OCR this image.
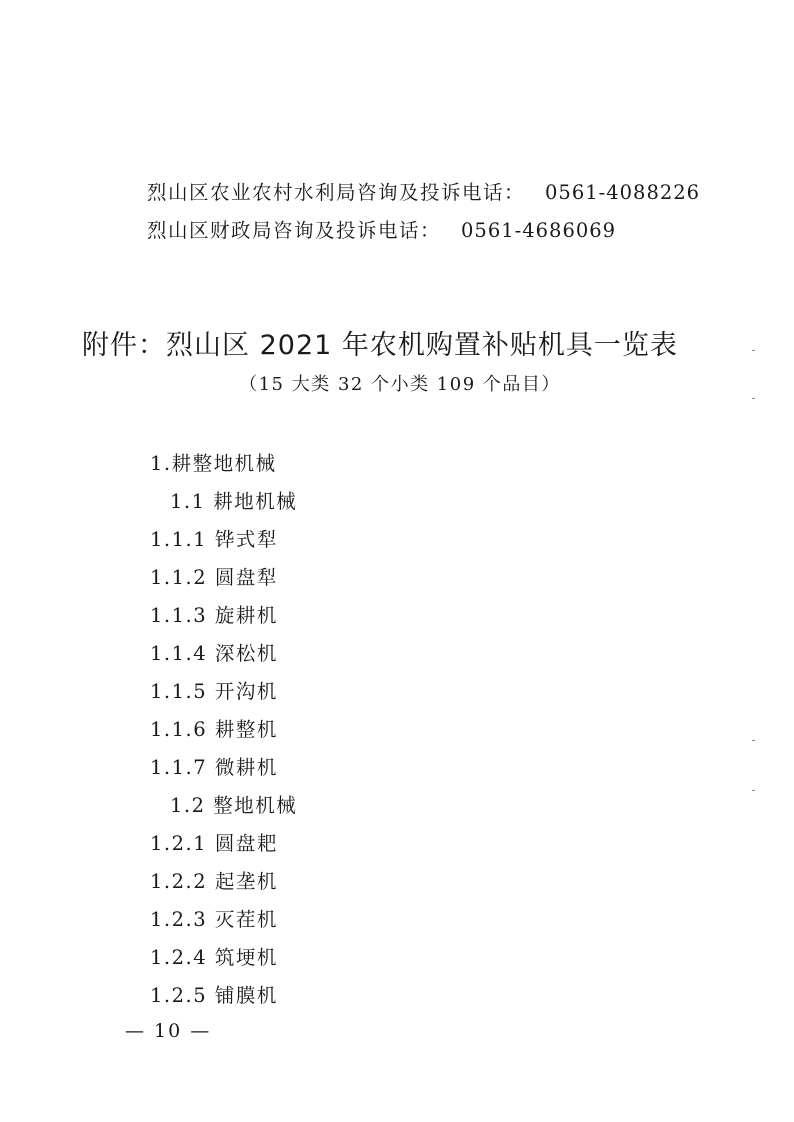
烈山区农业农村水利局咨询及投诉电话： 0561-4088226
烈山区财政局咨询及投诉电话： 0561-4686069
附件：烈山区 2021 年农机购置补贴机具一览表
（15 大类 32 个小类 109 个品目）
1.耕整地机械
1.1 耕地机械
1.1.1 铧式犁
1.1.2 圆盘犁
1.1.3 旋耕机
1.1.4 深松机
1.1.5 开沟机
1.1.6 耕整机
1.1.7 微耕机
1.2 整地机械
1.2.1 圆盘耙
1.2.2 起垄机
1.2.3 灭茬机
1.2.4 筑埂机
1.2.5 铺膜机
— 10 —
